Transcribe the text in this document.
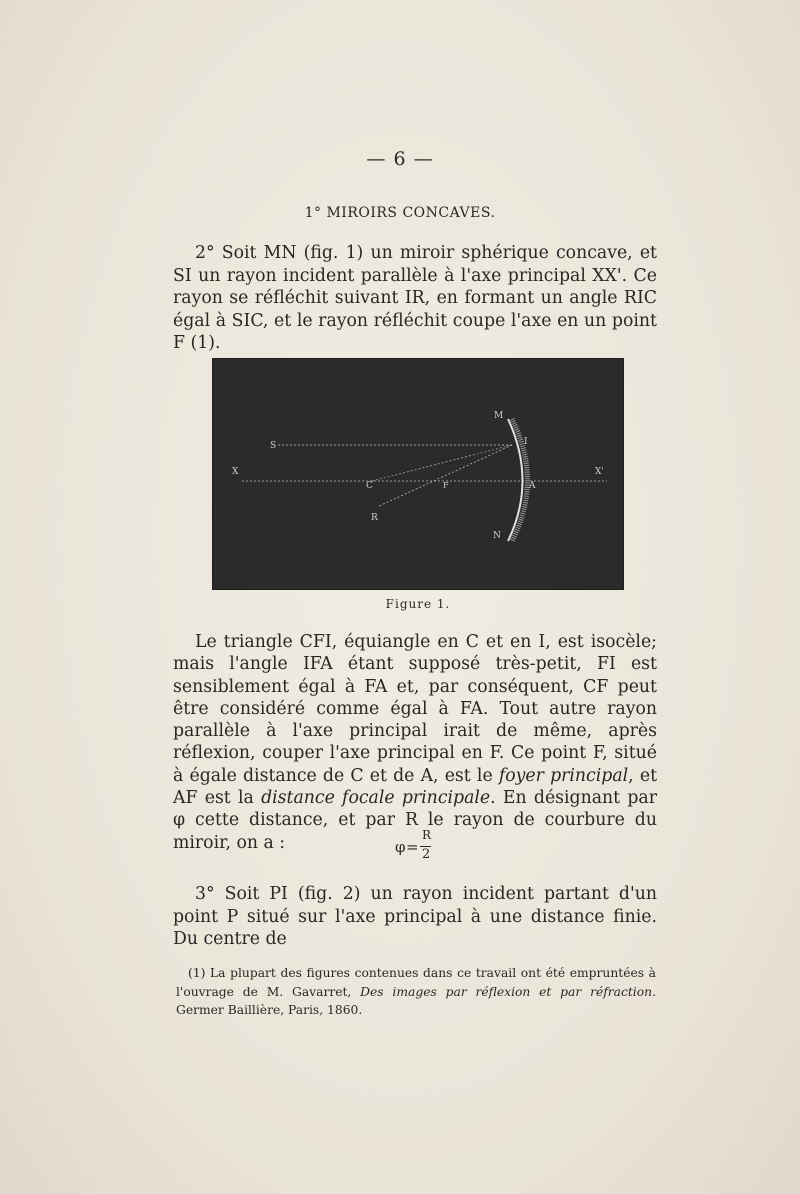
— 6 —
1° MIROIRS CONCAVES.

2° Soit MN (fig. 1) un miroir sphérique concave, et SI un rayon incident parallèle à l'axe principal XX'. Ce rayon se réfléchit suivant IR, en formant un angle RIC égal à SIC, et le rayon réfléchit coupe l'axe en un point F (1).

S
X
C	F
R
M
I
A
N
X'
Figure 1.

Le triangle CFI, équiangle en C et en I, est isocèle; mais l'angle IFA étant supposé très-petit, FI est sensiblement égal à FA et, par conséquent, CF peut être considéré comme égal à FA. Tout autre rayon parallèle à l'axe principal irait de même, après réflexion, couper l'axe principal en F. Ce point F, situé à égale distance de C et de A, est le foyer principal, et AF est la distance focale principale. En désignant par φ cette distance, et par R le rayon de courbure du miroir, on a :	φ =
R
2

3° Soit PI (fig. 2) un rayon incident partant d'un point P situé sur l'axe principal à une distance finie. Du centre de

(1) La plupart des figures contenues dans ce travail ont été empruntées à l'ouvrage de M. Gavarret, Des images par réflexion et par réfraction. Germer Baillière, Paris, 1860.
